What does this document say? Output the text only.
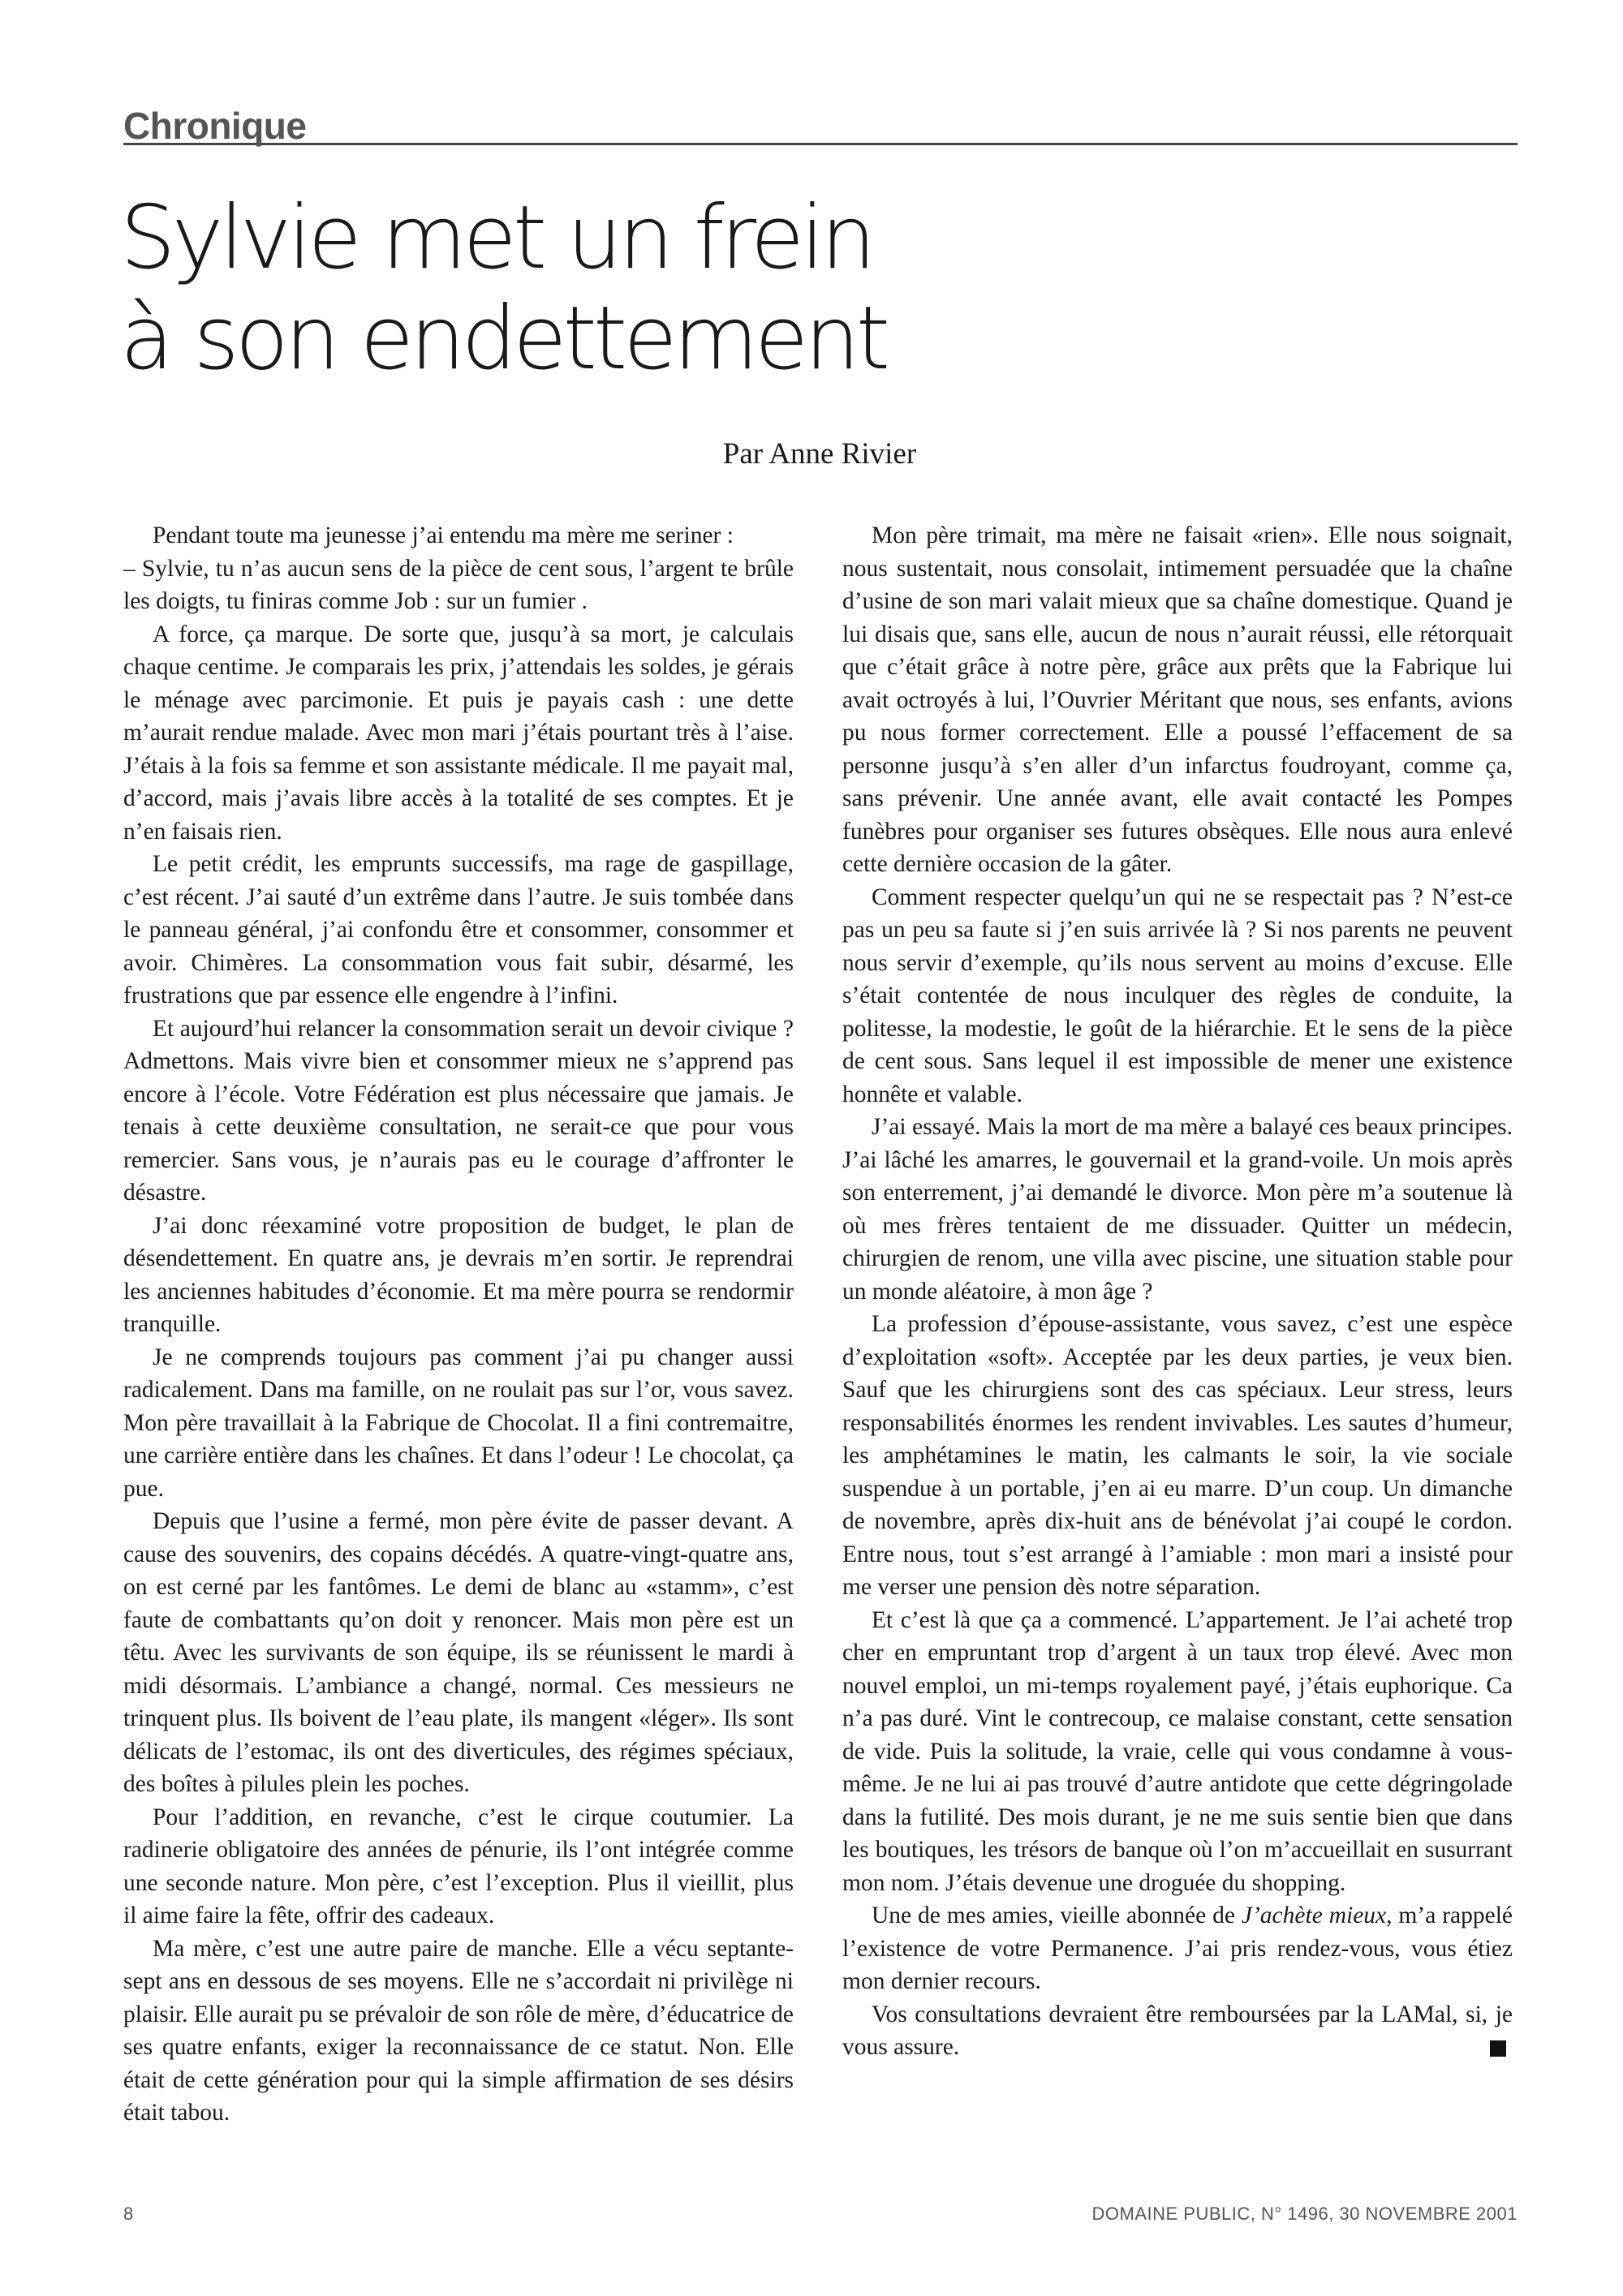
Chronique
Sylvie met un frein
à son endettement
Par Anne Rivier

Pendant toute ma jeunesse j’ai entendu ma mère me seriner :

– Sylvie, tu n’as aucun sens de la pièce de cent sous, l’argent te brûle les doigts, tu finiras comme Job : sur un fumier .

A force, ça marque. De sorte que, jusqu’à sa mort, je calculais chaque centime. Je comparais les prix, j’attendais les soldes, je gérais le ménage avec parcimonie. Et puis je payais cash : une dette m’aurait rendue malade. Avec mon mari j’étais pourtant très à l’aise. J’étais à la fois sa femme et son assistante médicale. Il me payait mal, d’accord, mais j’avais libre accès à la totalité de ses comptes. Et je n’en faisais rien.

Le petit crédit, les emprunts successifs, ma rage de gaspillage, c’est récent. J’ai sauté d’un extrême dans l’autre. Je suis tombée dans le panneau général, j’ai confondu être et consommer, consommer et avoir. Chimères. La consommation vous fait subir, désarmé, les frustrations que par essence elle engendre à l’infini.

Et aujourd’hui relancer la consommation serait un devoir civique ? Admettons. Mais vivre bien et consommer mieux ne s’apprend pas encore à l’école. Votre Fédération est plus nécessaire que jamais. Je tenais à cette deuxième consultation, ne serait-ce que pour vous remercier. Sans vous, je n’aurais pas eu le courage d’affronter le désastre.

J’ai donc réexaminé votre proposition de budget, le plan de désendettement. En quatre ans, je devrais m’en sortir. Je reprendrai les anciennes habitudes d’économie. Et ma mère pourra se rendormir tranquille.

Je ne comprends toujours pas comment j’ai pu changer aussi radicalement. Dans ma famille, on ne roulait pas sur l’or, vous savez. Mon père travaillait à la Fabrique de Chocolat. Il a fini contremaitre, une carrière entière dans les chaînes. Et dans l’odeur ! Le chocolat, ça pue.

Depuis que l’usine a fermé, mon père évite de passer devant. A cause des souvenirs, des copains décédés. A quatre-vingt-quatre ans, on est cerné par les fantômes. Le demi de blanc au «stamm», c’est faute de combattants qu’on doit y renoncer. Mais mon père est un têtu. Avec les survivants de son équipe, ils se réunissent le mardi à midi désormais. L’ambiance a changé, normal. Ces messieurs ne trinquent plus. Ils boivent de l’eau plate, ils mangent «léger». Ils sont délicats de l’estomac, ils ont des diverticules, des régimes spéciaux, des boîtes à pilules plein les poches.

Pour l’addition, en revanche, c’est le cirque coutumier. La radinerie obligatoire des années de pénurie, ils l’ont intégrée comme une seconde nature. Mon père, c’est l’exception. Plus il vieillit, plus il aime faire la fête, offrir des cadeaux.

Ma mère, c’est une autre paire de manche. Elle a vécu septante-sept ans en dessous de ses moyens. Elle ne s’accordait ni privilège ni plaisir. Elle aurait pu se prévaloir de son rôle de mère, d’éducatrice de ses quatre enfants, exiger la reconnaissance de ce statut. Non. Elle était de cette génération pour qui la simple affirmation de ses désirs était tabou.

Mon père trimait, ma mère ne faisait «rien». Elle nous soignait, nous sustentait, nous consolait, intimement persuadée que la chaîne d’usine de son mari valait mieux que sa chaîne domestique. Quand je lui disais que, sans elle, aucun de nous n’aurait réussi, elle rétorquait que c’était grâce à notre père, grâce aux prêts que la Fabrique lui avait octroyés à lui, l’Ouvrier Méritant que nous, ses enfants, avions pu nous former correctement. Elle a poussé l’effacement de sa personne jusqu’à s’en aller d’un infarctus foudroyant, comme ça, sans prévenir. Une année avant, elle avait contacté les Pompes funèbres pour organiser ses futures obsèques. Elle nous aura enlevé cette dernière occasion de la gâter.

Comment respecter quelqu’un qui ne se respectait pas ? N’est-ce pas un peu sa faute si j’en suis arrivée là ? Si nos parents ne peuvent nous servir d’exemple, qu’ils nous servent au moins d’excuse. Elle s’était contentée de nous inculquer des règles de conduite, la politesse, la modestie, le goût de la hiérarchie. Et le sens de la pièce de cent sous. Sans lequel il est impossible de mener une existence honnête et valable.

J’ai essayé. Mais la mort de ma mère a balayé ces beaux principes. J’ai lâché les amarres, le gouvernail et la grand-voile. Un mois après son enterrement, j’ai demandé le divorce. Mon père m’a soutenue là où mes frères tentaient de me dissuader. Quitter un médecin, chirurgien de renom, une villa avec piscine, une situation stable pour un monde aléatoire, à mon âge ?

La profession d’épouse-assistante, vous savez, c’est une espèce d’exploitation «soft». Acceptée par les deux parties, je veux bien. Sauf que les chirurgiens sont des cas spéciaux. Leur stress, leurs responsabilités énormes les rendent invivables. Les sautes d’humeur, les amphétamines le matin, les calmants le soir, la vie sociale suspendue à un portable, j’en ai eu marre. D’un coup. Un dimanche de novembre, après dix-huit ans de bénévolat j’ai coupé le cordon. Entre nous, tout s’est arrangé à l’amiable : mon mari a insisté pour me verser une pension dès notre séparation.

Et c’est là que ça a commencé. L’appartement. Je l’ai acheté trop cher en empruntant trop d’argent à un taux trop élevé. Avec mon nouvel emploi, un mi-temps royalement payé, j’étais euphorique. Ca n’a pas duré. Vint le contrecoup, ce malaise constant, cette sensation de vide. Puis la solitude, la vraie, celle qui vous condamne à vous-même. Je ne lui ai pas trouvé d’autre antidote que cette dégringolade dans la futilité. Des mois durant, je ne me suis sentie bien que dans les boutiques, les trésors de banque où l’on m’accueillait en susurrant mon nom. J’étais devenue une droguée du shopping.

Une de mes amies, vieille abonnée de J’achète mieux, m’a rappelé l’existence de votre Permanence. J’ai pris rendez-vous, vous étiez mon dernier recours.

Vos consultations devraient être remboursées par la LAMal, si, je vous assure.

8	DOMAINE PUBLIC, N° 1496, 30 NOVEMBRE 2001
